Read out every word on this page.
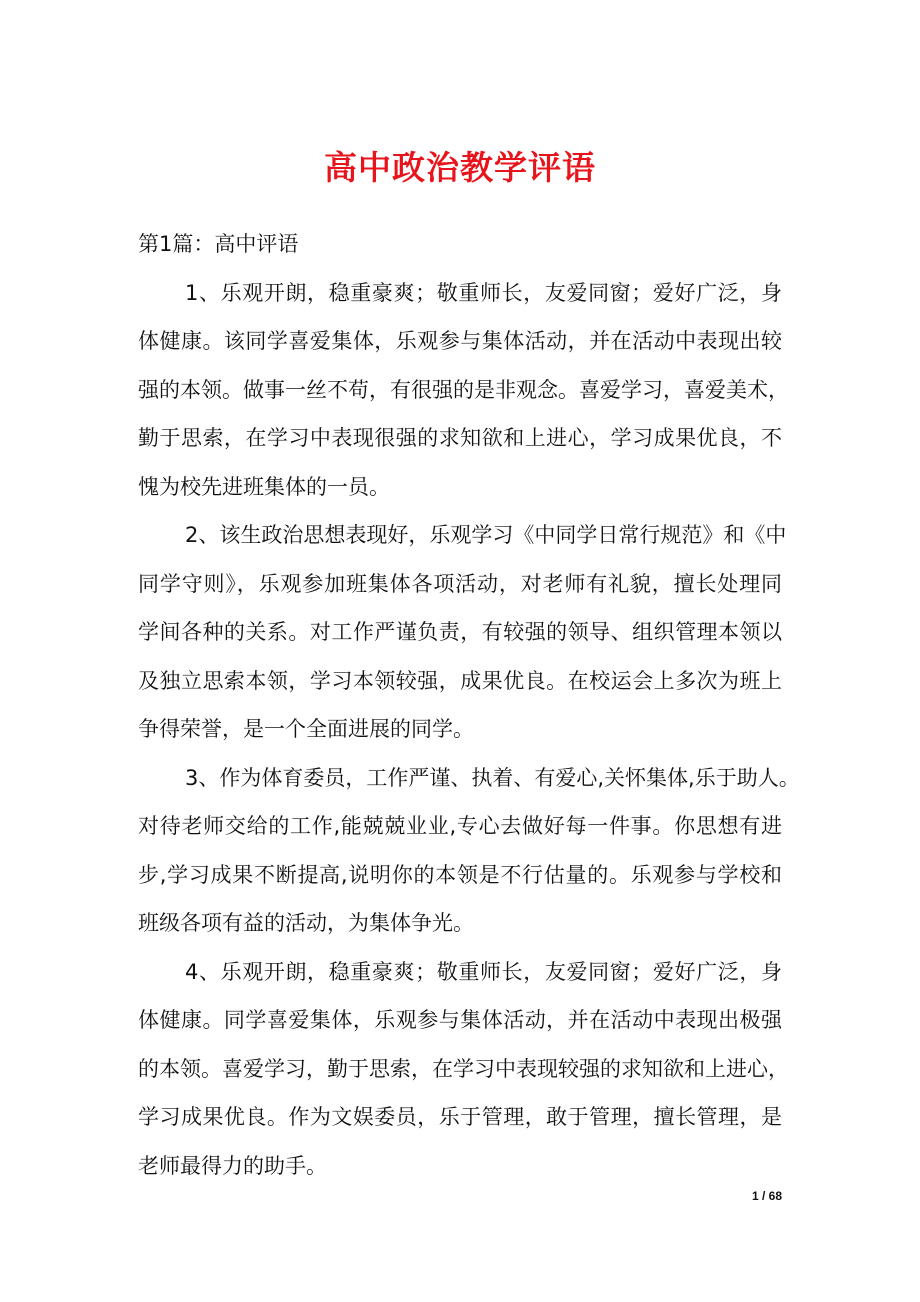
高中政治教学评语
第1篇：高中评语
1、乐观开朗，稳重豪爽；敬重师长，友爱同窗；爱好广泛，身
体健康。该同学喜爱集体，乐观参与集体活动，并在活动中表现出较
强的本领。做事一丝不苟，有很强的是非观念。喜爱学习，喜爱美术，
勤于思索，在学习中表现很强的求知欲和上进心，学习成果优良，不
愧为校先进班集体的一员。
2、该生政治思想表现好，乐观学习《中同学日常行规范》和《中
同学守则》，乐观参加班集体各项活动，对老师有礼貌，擅长处理同
学间各种的关系。对工作严谨负责，有较强的领导、组织管理本领以
及独立思索本领，学习本领较强，成果优良。在校运会上多次为班上
争得荣誉，是一个全面进展的同学。
3、作为体育委员，工作严谨、执着、有爱心,关怀集体,乐于助人。
对待老师交给的工作,能兢兢业业,专心去做好每一件事。你思想有进
步,学习成果不断提高,说明你的本领是不行估量的。乐观参与学校和
班级各项有益的活动，为集体争光。
4、乐观开朗，稳重豪爽；敬重师长，友爱同窗；爱好广泛，身
体健康。同学喜爱集体，乐观参与集体活动，并在活动中表现出极强
的本领。喜爱学习，勤于思索，在学习中表现较强的求知欲和上进心，
学习成果优良。作为文娱委员，乐于管理，敢于管理，擅长管理，是
老师最得力的助手。
1 / 68
